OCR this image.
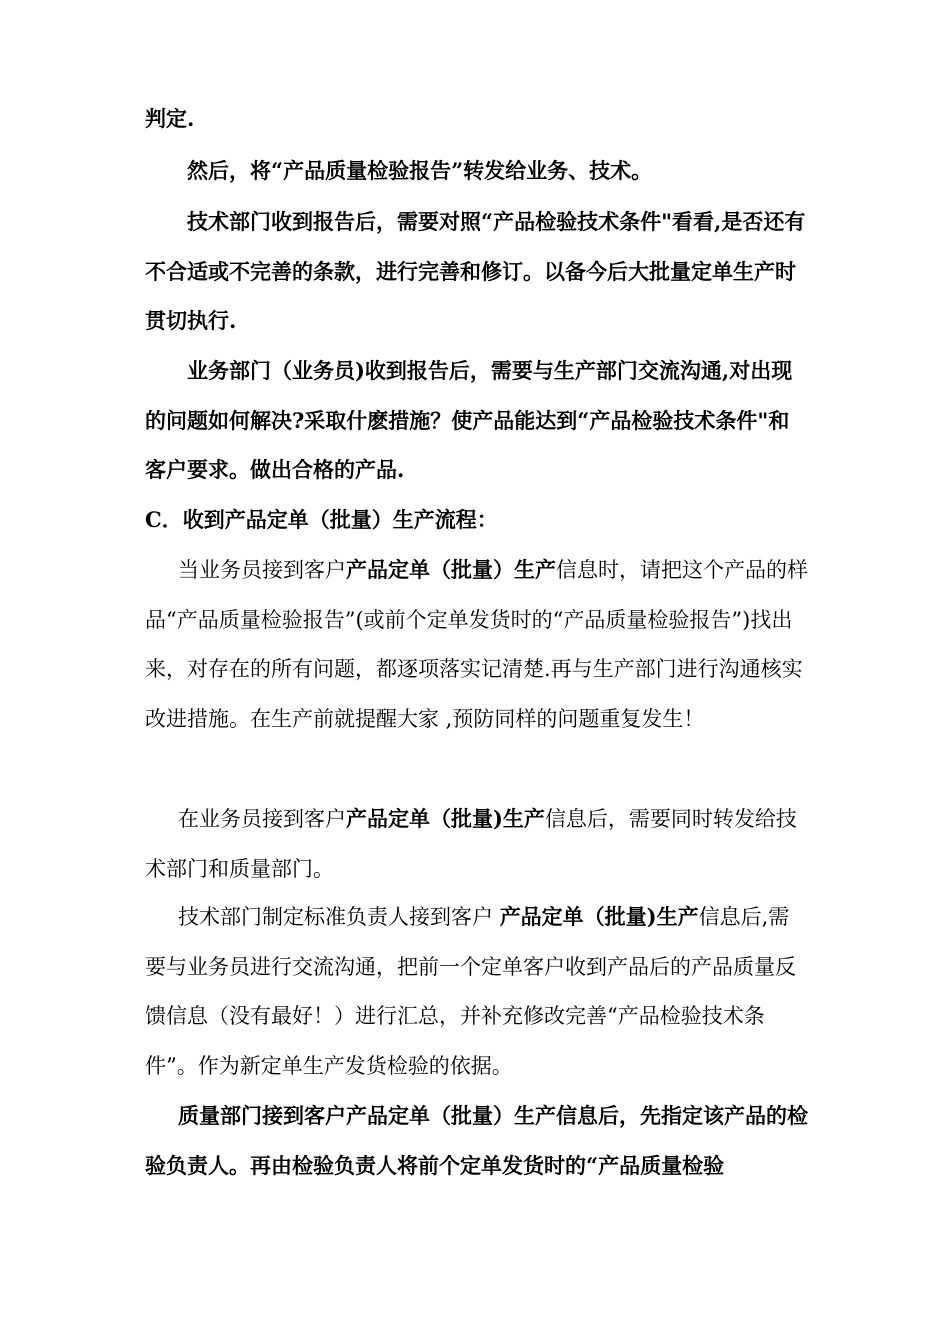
判定.

然后，将“产品质量检验报告”转发给业务、技术。

技术部门收到报告后，需要对照“产品检验技术条件"看看,是否还有不合适或不完善的条款，进行完善和修订。以备今后大批量定单生产时贯切执行.

业务部门（业务员)收到报告后，需要与生产部门交流沟通,对出现的问题如何解决?采取什麽措施？使产品能达到“产品检验技术条件"和客户要求。做出合格的产品.

C．收到产品定单（批量）生产流程：

当业务员接到客户产品定单（批量）生产信息时，请把这个产品的样品“产品质量检验报告”(或前个定单发货时的“产品质量检验报告”)找出来，对存在的所有问题，都逐项落实记清楚.再与生产部门进行沟通核实改进措施。在生产前就提醒大家 ,预防同样的问题重复发生！

在业务员接到客户产品定单（批量)生产信息后，需要同时转发给技术部门和质量部门。

技术部门制定标准负责人接到客户 产品定单（批量)生产信息后,需要与业务员进行交流沟通，把前一个定单客户收到产品后的产品质量反馈信息（没有最好！）进行汇总，并补充修改完善“产品检验技术条件”。作为新定单生产发货检验的依据。

质量部门接到客户产品定单（批量）生产信息后，先指定该产品的检验负责人。再由检验负责人将前个定单发货时的“产品质量检验
